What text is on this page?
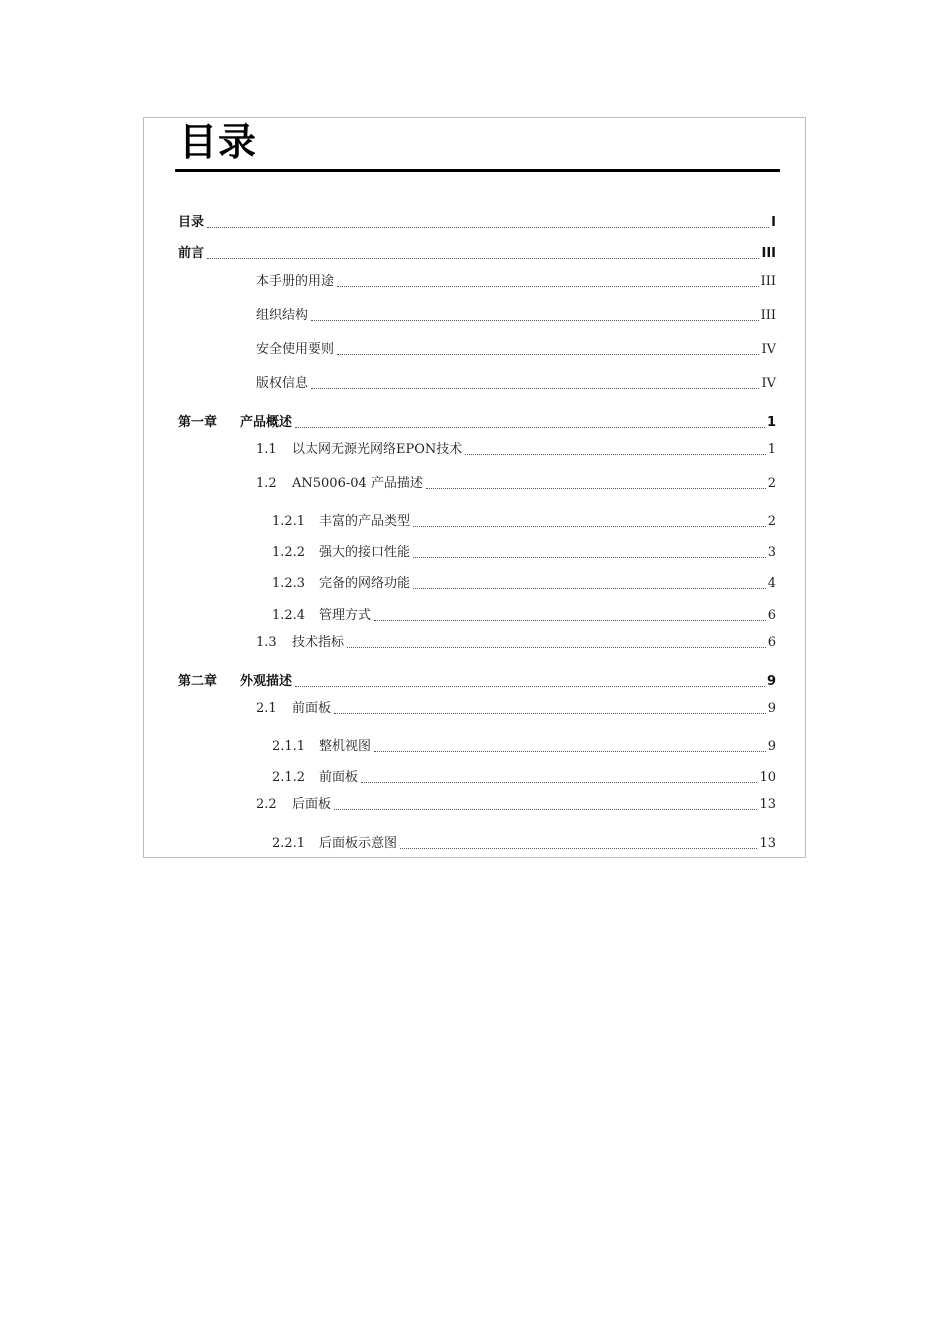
目录
目录	I
前言	III
本手册的用途	III
组织结构	III
安全使用要则	IV
版权信息	IV
第一章	产品概述	1
1.1	以太网无源光网络EPON技术	1
1.2	AN5006-04 产品描述	2
1.2.1	丰富的产品类型	2
1.2.2	强大的接口性能	3
1.2.3	完备的网络功能	4
1.2.4	管理方式	6
1.3	技术指标	6
第二章	外观描述	9
2.1	前面板	9
2.1.1	整机视图	9
2.1.2	前面板	10
2.2	后面板	13
2.2.1	后面板示意图	13
